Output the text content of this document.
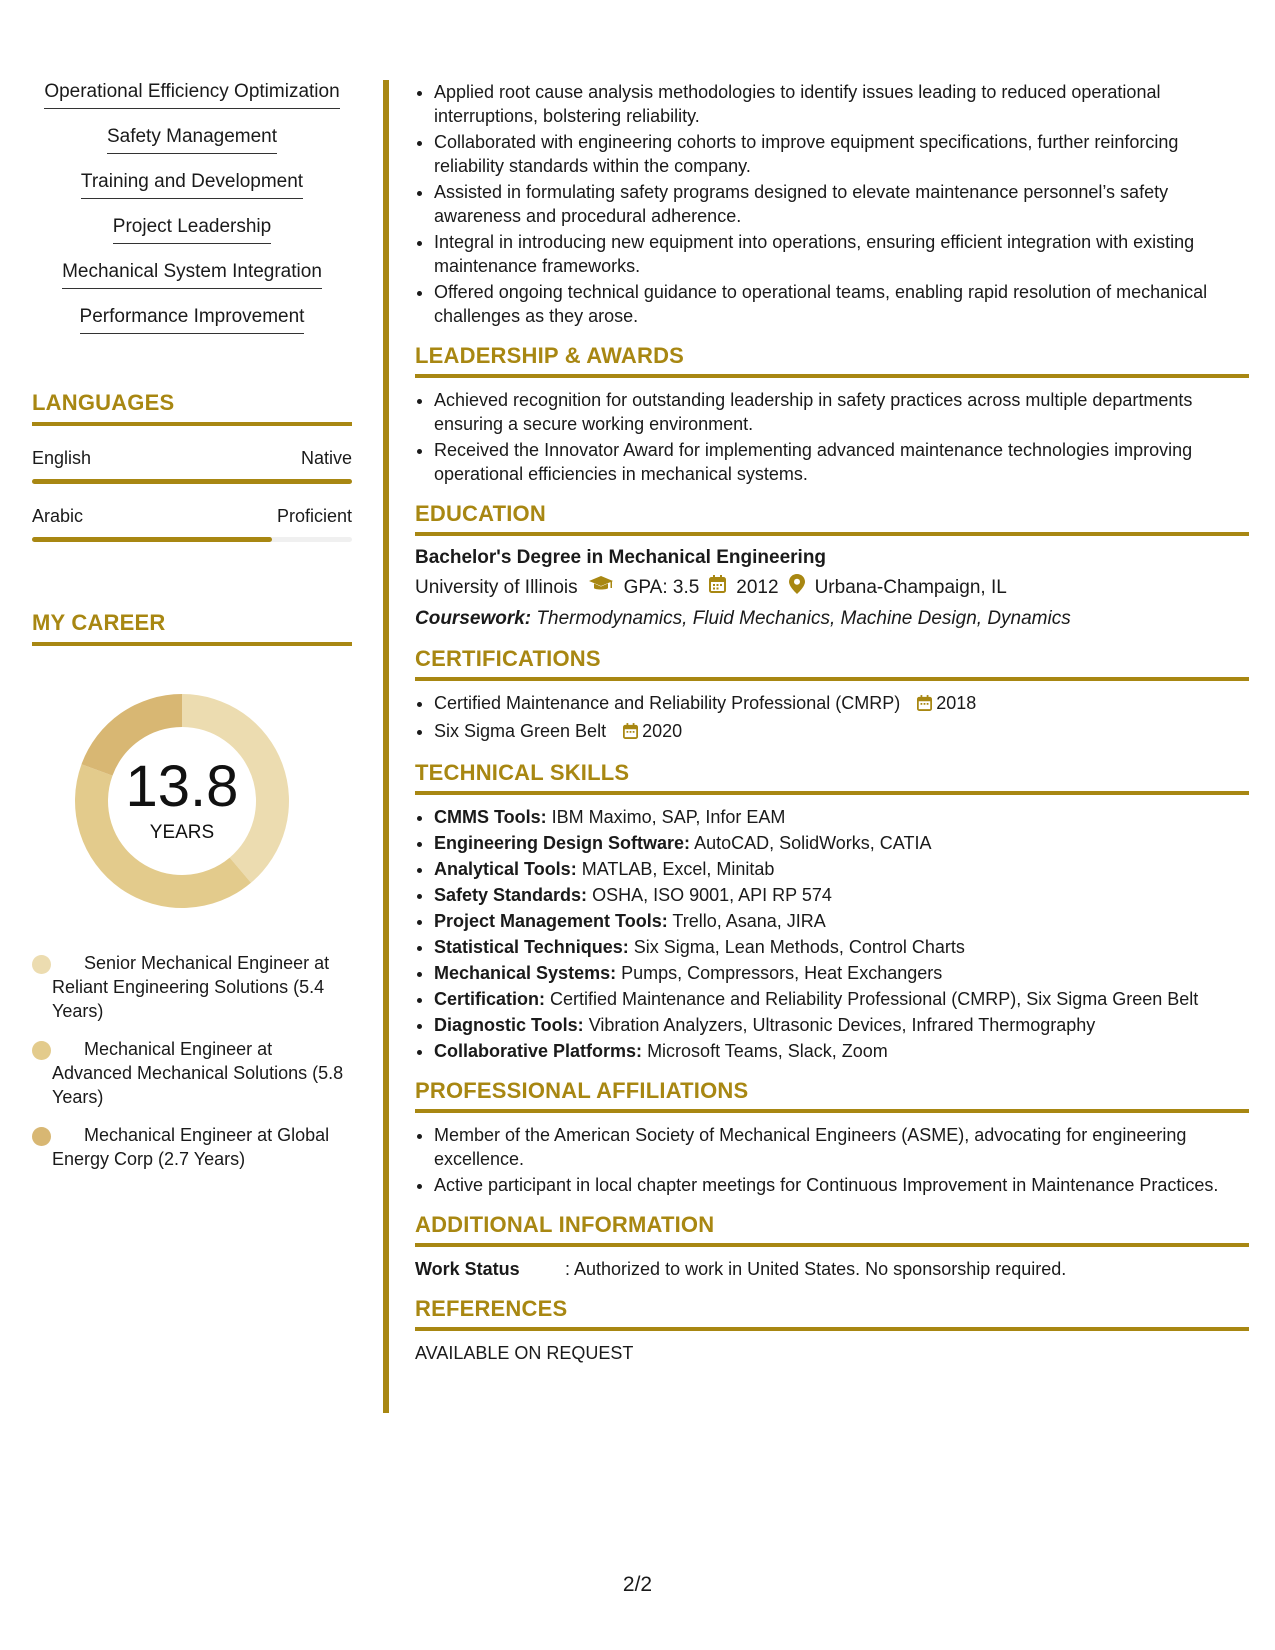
Operational Efficiency Optimization
Safety Management
Training and Development
Project Leadership
Mechanical System Integration
Performance Improvement
LANGUAGES
English	Native
Arabic	Proficient
MY CAREER
13.8
YEARS
Senior Mechanical Engineer at Reliant Engineering Solutions (5.4 Years)
Mechanical Engineer at Advanced Mechanical Solutions (5.8 Years)
Mechanical Engineer at Global Energy Corp (2.7 Years)
• Applied root cause analysis methodologies to identify issues leading to reduced operational interruptions, bolstering reliability.
• Collaborated with engineering cohorts to improve equipment specifications, further reinforcing reliability standards within the company.
• Assisted in formulating safety programs designed to elevate maintenance personnel’s safety awareness and procedural adherence.
• Integral in introducing new equipment into operations, ensuring efficient integration with existing maintenance frameworks.
• Offered ongoing technical guidance to operational teams, enabling rapid resolution of mechanical challenges as they arose.
LEADERSHIP & AWARDS
• Achieved recognition for outstanding leadership in safety practices across multiple departments ensuring a secure working environment.
• Received the Innovator Award for implementing advanced maintenance technologies improving operational efficiencies in mechanical systems.
EDUCATION
Bachelor's Degree in Mechanical Engineering
University of Illinois GPA: 3.5 2012 Urbana-Champaign, IL
Coursework: Thermodynamics, Fluid Mechanics, Machine Design, Dynamics
CERTIFICATIONS
• Certified Maintenance and Reliability Professional (CMRP) 2018
• Six Sigma Green Belt 2020
TECHNICAL SKILLS
• CMMS Tools: IBM Maximo, SAP, Infor EAM
• Engineering Design Software: AutoCAD, SolidWorks, CATIA
• Analytical Tools: MATLAB, Excel, Minitab
• Safety Standards: OSHA, ISO 9001, API RP 574
• Project Management Tools: Trello, Asana, JIRA
• Statistical Techniques: Six Sigma, Lean Methods, Control Charts
• Mechanical Systems: Pumps, Compressors, Heat Exchangers
• Certification: Certified Maintenance and Reliability Professional (CMRP), Six Sigma Green Belt
• Diagnostic Tools: Vibration Analyzers, Ultrasonic Devices, Infrared Thermography
• Collaborative Platforms: Microsoft Teams, Slack, Zoom
PROFESSIONAL AFFILIATIONS
• Member of the American Society of Mechanical Engineers (ASME), advocating for engineering excellence.
• Active participant in local chapter meetings for Continuous Improvement in Maintenance Practices.
ADDITIONAL INFORMATION
Work Status	: Authorized to work in United States. No sponsorship required.
REFERENCES
AVAILABLE ON REQUEST
2/2
